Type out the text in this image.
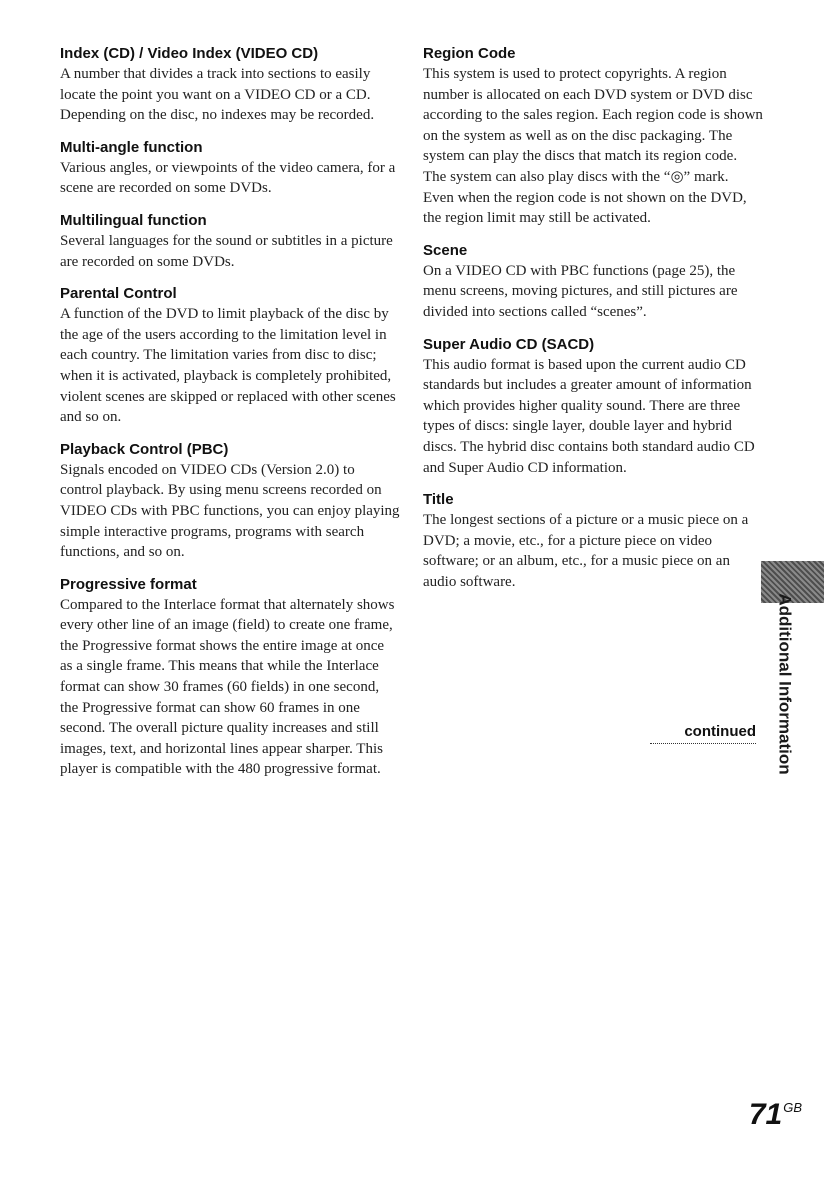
Index (CD) / Video Index (VIDEO CD)

A number that divides a track into sections to easily locate the point you want on a VIDEO CD or a CD. Depending on the disc, no indexes may be recorded.

Multi-angle function

Various angles, or viewpoints of the video camera, for a scene are recorded on some DVDs.

Multilingual function

Several languages for the sound or subtitles in a picture are recorded on some DVDs.

Parental Control

A function of the DVD to limit playback of the disc by the age of the users according to the limitation level in each country. The limitation varies from disc to disc; when it is activated, playback is completely prohibited, violent scenes are skipped or replaced with other scenes and so on.

Playback Control (PBC)

Signals encoded on VIDEO CDs (Version 2.0) to control playback. By using menu screens recorded on VIDEO CDs with PBC functions, you can enjoy playing simple interactive programs, programs with search functions, and so on.

Progressive format

Compared to the Interlace format that alternately shows every other line of an image (field) to create one frame, the Progressive format shows the entire image at once as a single frame. This means that while the Interlace format can show 30 frames (60 fields) in one second, the Progressive format can show 60 frames in one second. The overall picture quality increases and still images, text, and horizontal lines appear sharper. This player is compatible with the 480 progressive format.

Region Code

This system is used to protect copyrights. A region number is allocated on each DVD system or DVD disc according to the sales region. Each region code is shown on the system as well as on the disc packaging. The system can play the discs that match its region code. The system can also play discs with the “◎” mark. Even when the region code is not shown on the DVD, the region limit may still be activated.

Scene

On a VIDEO CD with PBC functions (page 25), the menu screens, moving pictures, and still pictures are divided into sections called “scenes”.

Super Audio CD (SACD)

This audio format is based upon the current audio CD standards but includes a greater amount of information which provides higher quality sound. There are three types of discs: single layer, double layer and hybrid discs. The hybrid disc contains both standard audio CD and Super Audio CD information.

Title

The longest sections of a picture or a music piece on a DVD; a movie, etc., for a picture piece on video software; or an album, etc., for a music piece on an audio software.

continued Additional Information
$71^{GB}$
